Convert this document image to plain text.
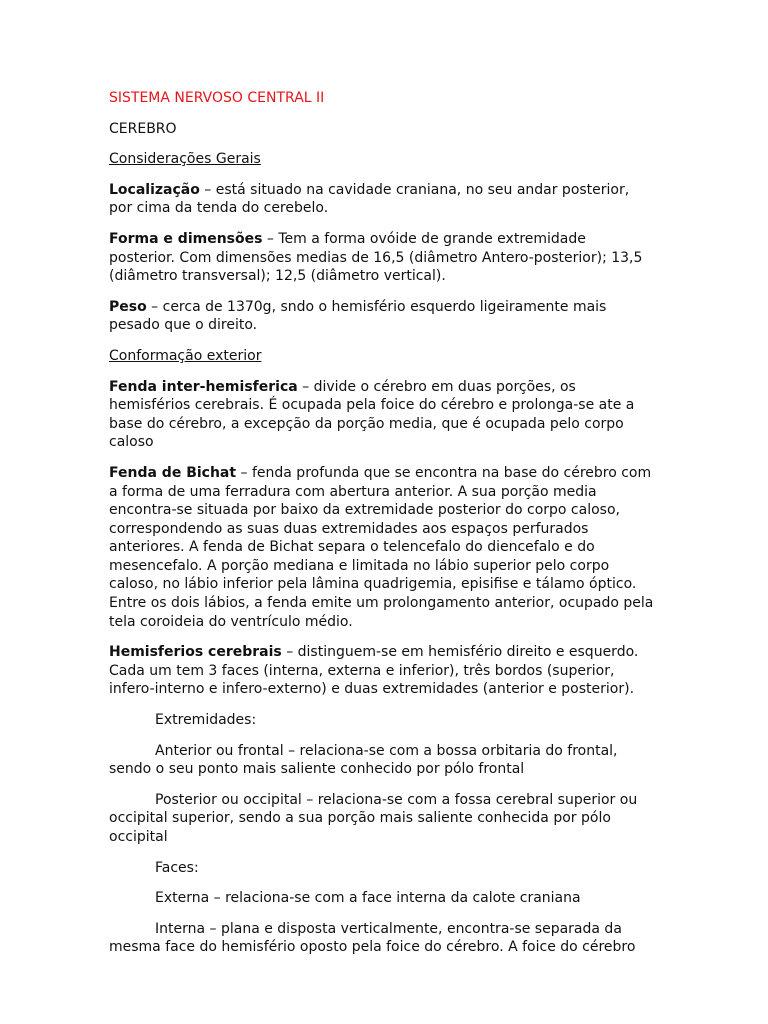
SISTEMA NERVOSO CENTRAL II

CEREBRO

Considerações Gerais

Localização – está situado na cavidade craniana, no seu andar posterior, por cima da tenda do cerebelo.

Forma e dimensões – Tem a forma ovóide de grande extremidade posterior. Com dimensões medias de 16,5 (diâmetro Antero-posterior); 13,5 (diâmetro transversal); 12,5 (diâmetro vertical).

Peso – cerca de 1370g, sndo o hemisfério esquerdo ligeiramente mais pesado que o direito.

Conformação exterior

Fenda inter-hemisferica – divide o cérebro em duas porções, os hemisférios cerebrais. É ocupada pela foice do cérebro e prolonga-se ate a base do cérebro, a excepção da porção media, que é ocupada pelo corpo caloso

Fenda de Bichat – fenda profunda que se encontra na base do cérebro com a forma de uma ferradura com abertura anterior. A sua porção media encontra-se situada por baixo da extremidade posterior do corpo caloso, correspondendo as suas duas extremidades aos espaços perfurados anteriores. A fenda de Bichat separa o telencefalo do diencefalo e do mesencefalo. A porção mediana e limitada no lábio superior pelo corpo caloso, no lábio inferior pela lâmina quadrigemia, episifise e tálamo óptico. Entre os dois lábios, a fenda emite um prolongamento anterior, ocupado pela tela coroideia do ventrículo médio.

Hemisferios cerebrais – distinguem-se em hemisfério direito e esquerdo. Cada um tem 3 faces (interna, externa e inferior), três bordos (superior, infero-interno e infero-externo) e duas extremidades (anterior e posterior).

Extremidades:

Anterior ou frontal – relaciona-se com a bossa orbitaria do frontal, sendo o seu ponto mais saliente conhecido por pólo frontal

Posterior ou occipital – relaciona-se com a fossa cerebral superior ou occipital superior, sendo a sua porção mais saliente conhecida por pólo occipital

Faces:

Externa – relaciona-se com a face interna da calote craniana

Interna – plana e disposta verticalmente, encontra-se separada da mesma face do hemisfério oposto pela foice do cérebro. A foice do cérebro
